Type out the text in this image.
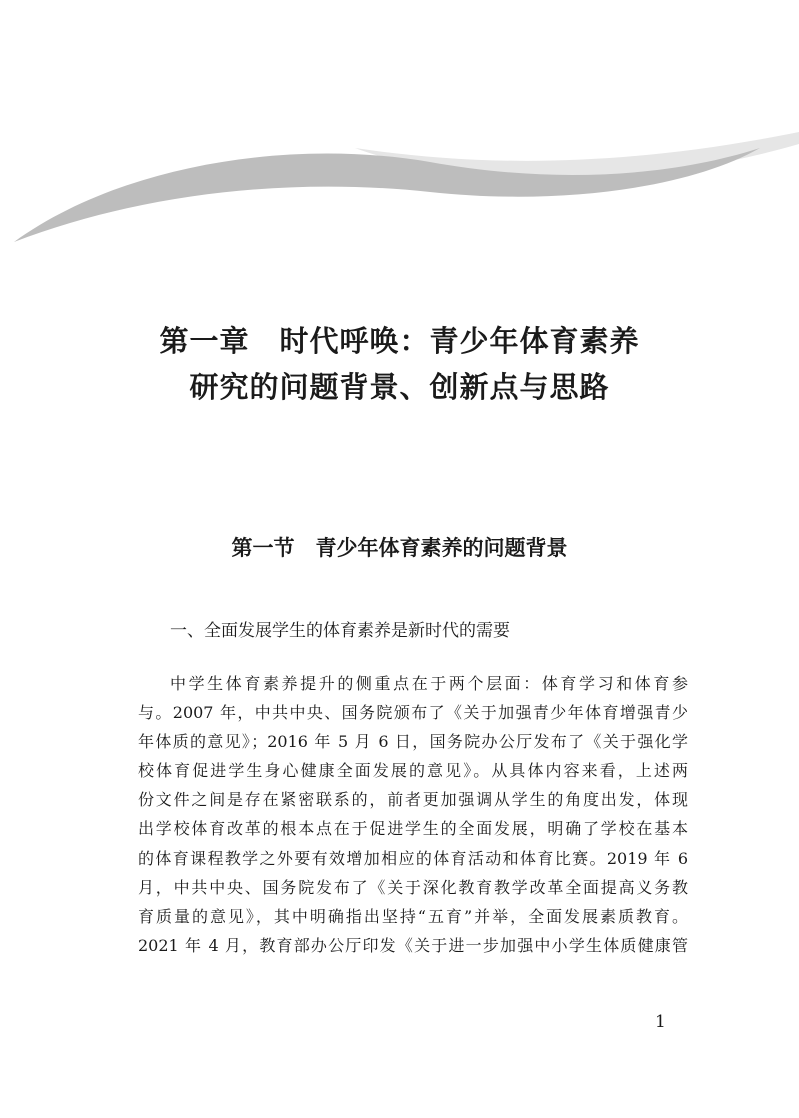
第一章　时代呼唤：青少年体育素养
研究的问题背景、创新点与思路
第一节　青少年体育素养的问题背景
一、全面发展学生的体育素养是新时代的需要
中学生体育素养提升的侧重点在于两个层面：体育学习和体育参
与。2007 年，中共中央、国务院颁布了《关于加强青少年体育增强青少
年体质的意见》；2016 年 5 月 6 日，国务院办公厅发布了《关于强化学
校体育促进学生身心健康全面发展的意见》。从具体内容来看，上述两
份文件之间是存在紧密联系的，前者更加强调从学生的角度出发，体现
出学校体育改革的根本点在于促进学生的全面发展，明确了学校在基本
的体育课程教学之外要有效增加相应的体育活动和体育比赛。2019 年 6
月，中共中央、国务院发布了《关于深化教育教学改革全面提高义务教
育质量的意见》，其中明确指出坚持“五育”并举，全面发展素质教育。
2021 年 4 月，教育部办公厅印发《关于进一步加强中小学生体质健康管
1
